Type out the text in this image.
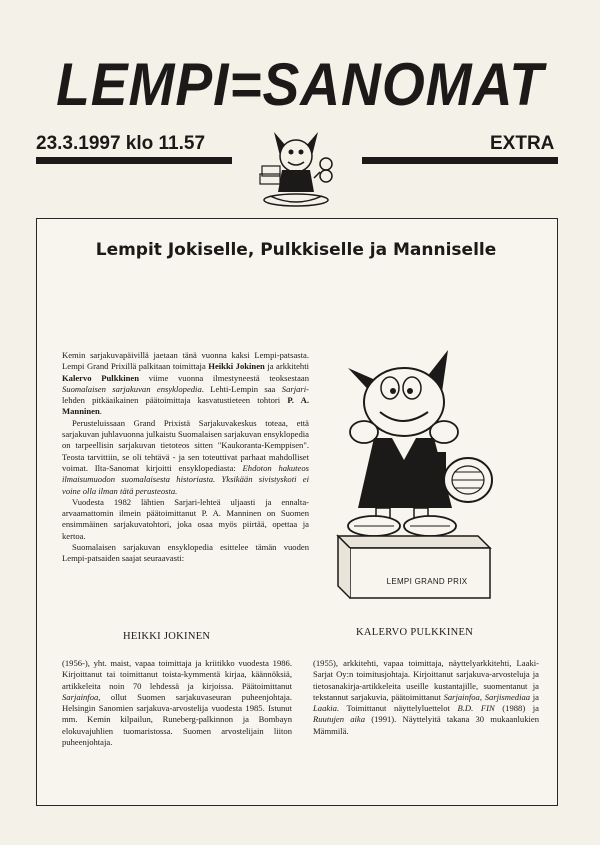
LEMPI=SANOMAT
23.3.1997 klo 11.57	EXTRA
Lempit Jokiselle, Pulkkiselle ja Manniselle

Kemin sarjakuvapäivillä jaetaan tänä vuonna kaksi Lempi-patsasta. Lempi Grand Prixillä palkitaan toimittaja Heikki Jokinen ja arkkitehti Kalervo Pulkkinen viime vuonna ilmestyneestä teoksestaan Suomalaisen sarjakuvan ensyklopedia. Lehti-Lempin saa Sarjari-lehden pitkäaikainen päätoimittaja kasvatustieteen tohtori P. A. Manninen.

Perusteluissaan Grand Prixistä Sarjakuvakeskus toteaa, että sarjakuvan juhlavuonna julkaistu Suomalaisen sarjakuvan ensyklopedia on tarpeellisin sarjakuvan tietoteos sitten "Kaukoranta-Kemppisen". Teosta tarvittiin, se oli tehtävä - ja sen toteuttivat parhaat mahdolliset voimat. Ilta-Sanomat kirjoitti ensyklopediasta: Ehdoton hakuteos ilmaisumuodon suomalaisesta historiasta. Yksikään sivistyskoti ei voine olla ilman tätä perusteosta.

Vuodesta 1982 lähtien Sarjari-lehteä uljaasti ja ennalta-arvaamattomin ilmein päätoimittanut P. A. Manninen on Suomen ensimmäinen sarjakuvatohtori, joka osaa myös piirtää, opettaa ja kertoa.

Suomalaisen sarjakuvan ensyklopedia esittelee tämän vuoden Lempi-patsaiden saajat seuraavasti:

LEMPI GRAND PRIX
HEIKKI JOKINEN	KALERVO PULKKINEN
(1956-), yht. maist, vapaa toimittaja ja kriitikko vuodesta 1986. Kirjoittanut tai toimittanut toista-kymmentä kirjaa, käännöksiä, artikkeleita noin 70 lehdessä ja kirjoissa. Päätoimittanut Sarjainfoa, ollut Suomen sarjakuvaseuran puheenjohtaja. Helsingin Sanomien sarjakuva-arvostelija vuodesta 1985. Istunut mm. Kemin kilpailun, Runeberg-palkinnon ja Bombayn elokuvajuhlien tuomaristossa. Suomen arvostelijain liiton puheenjohtaja.
(1955), arkkitehti, vapaa toimittaja, näyttelyarkkitehti, Laaki-Sarjat Oy:n toimitusjohtaja. Kirjoittanut sarjakuva-arvosteluja ja tietosanakirja-artikkeleita useille kustantajille, suomentanut ja tekstannut sarjakuvia, päätoimittanut Sarjainfoa, Sarjismediaa ja Laakia. Toimittanut näyttelyluettelot B.D. FIN (1988) ja Ruutujen aika (1991). Näyttelyitä takana 30 mukaanlukien Mämmilä.
